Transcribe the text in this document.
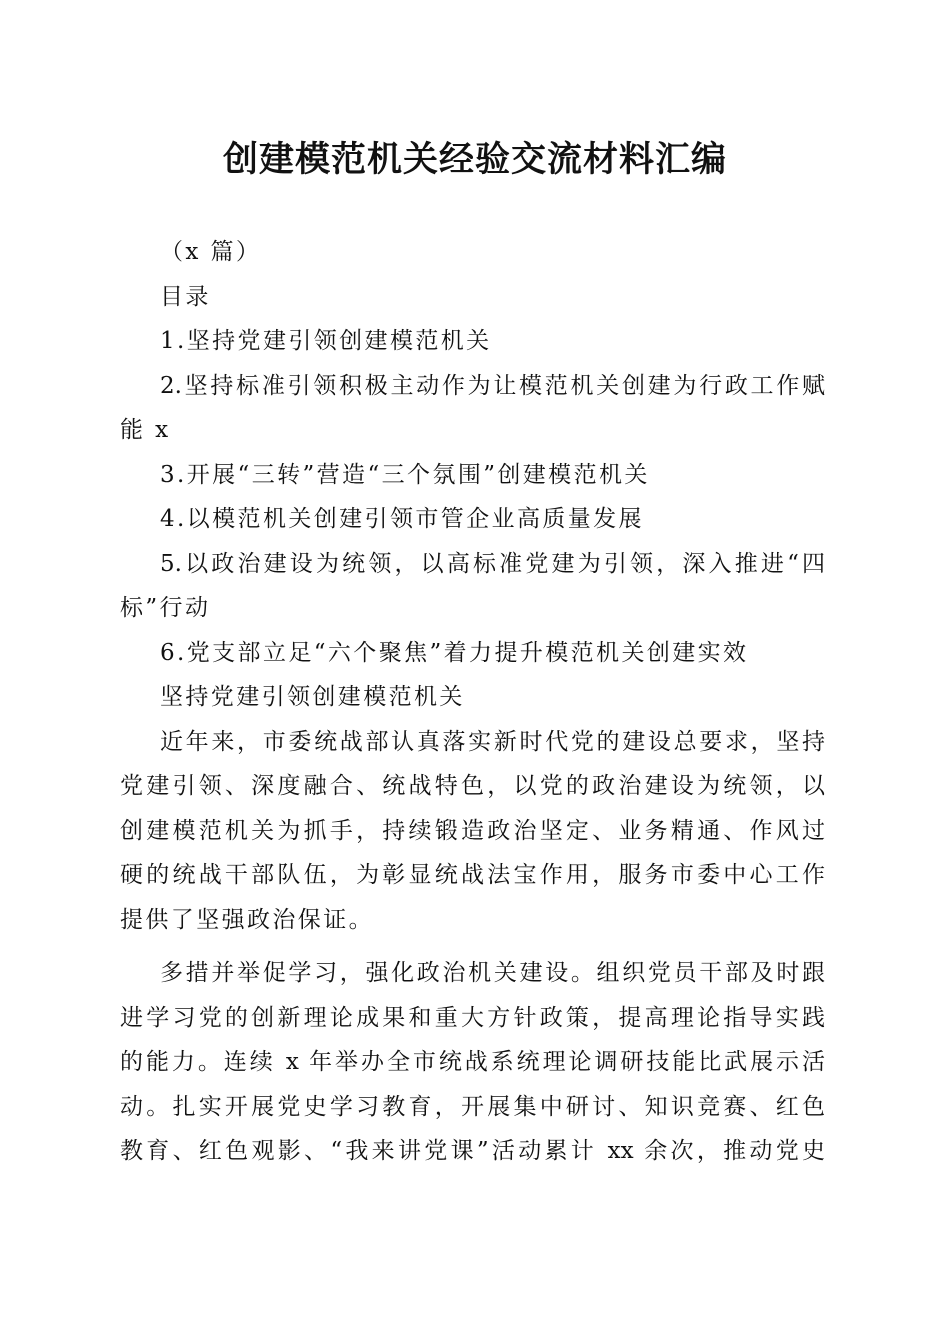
创建模范机关经验交流材料汇编
（x 篇）
目录
1.坚持党建引领创建模范机关
2.坚持标准引领积极主动作为让模范机关创建为行政工作赋
能 x
3.开展“三转”营造“三个氛围”创建模范机关
4.以模范机关创建引领市管企业高质量发展
5.以政治建设为统领，以高标准党建为引领，深入推进“四
标”行动
6.党支部立足“六个聚焦”着力提升模范机关创建实效
坚持党建引领创建模范机关
近年来，市委统战部认真落实新时代党的建设总要求，坚持
党建引领、深度融合、统战特色，以党的政治建设为统领，以
创建模范机关为抓手，持续锻造政治坚定、业务精通、作风过
硬的统战干部队伍，为彰显统战法宝作用，服务市委中心工作
提供了坚强政治保证。
多措并举促学习，强化政治机关建设。组织党员干部及时跟
进学习党的创新理论成果和重大方针政策，提高理论指导实践
的能力。连续 x 年举办全市统战系统理论调研技能比武展示活
动。扎实开展党史学习教育，开展集中研讨、知识竞赛、红色
教育、红色观影、“我来讲党课”活动累计 xx 余次，推动党史
